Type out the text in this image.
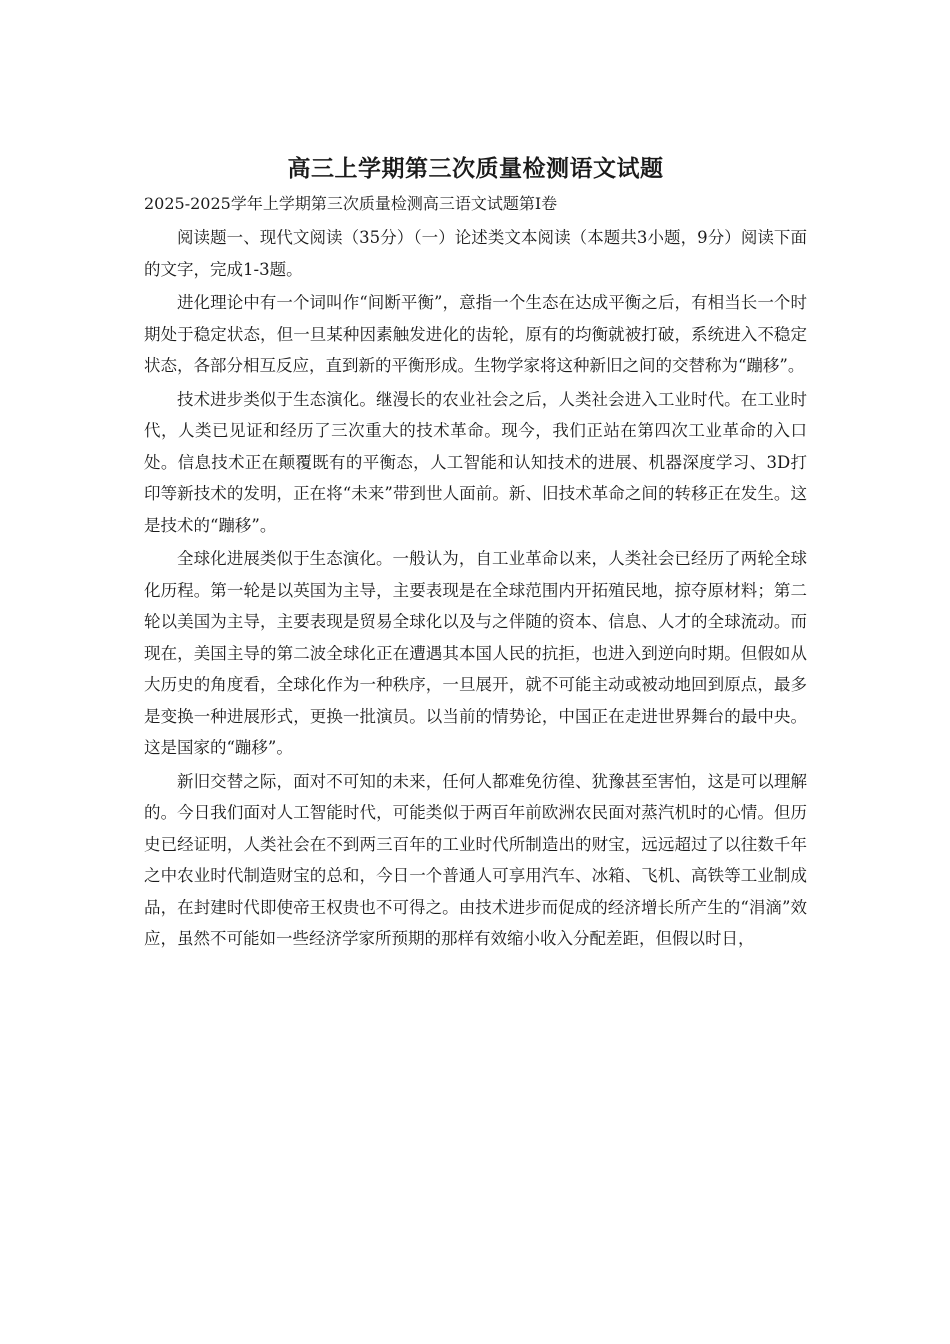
高三上学期第三次质量检测语文试题
2025-2025学年上学期第三次质量检测高三语文试题第Ⅰ卷

阅读题一、现代文阅读（35分）（一）论述类文本阅读（本题共3小题，9分）阅读下面的文字，完成1-3题。

进化理论中有一个词叫作“间断平衡”，意指一个生态在达成平衡之后，有相当长一个时期处于稳定状态，但一旦某种因素触发进化的齿轮，原有的均衡就被打破，系统进入不稳定状态，各部分相互反应，直到新的平衡形成。生物学家将这种新旧之间的交替称为“蹦移”。

技术进步类似于生态演化。继漫长的农业社会之后，人类社会进入工业时代。在工业时代，人类已见证和经历了三次重大的技术革命。现今，我们正站在第四次工业革命的入口处。信息技术正在颠覆既有的平衡态，人工智能和认知技术的进展、机器深度学习、3D打印等新技术的发明，正在将“未来”带到世人面前。新、旧技术革命之间的转移正在发生。这是技术的“蹦移”。

全球化进展类似于生态演化。一般认为，自工业革命以来，人类社会已经历了两轮全球化历程。第一轮是以英国为主导，主要表现是在全球范围内开拓殖民地，掠夺原材料；第二轮以美国为主导，主要表现是贸易全球化以及与之伴随的资本、信息、人才的全球流动。而现在，美国主导的第二波全球化正在遭遇其本国人民的抗拒，也进入到逆向时期。但假如从大历史的角度看，全球化作为一种秩序，一旦展开，就不可能主动或被动地回到原点，最多是变换一种进展形式，更换一批演员。以当前的情势论，中国正在走进世界舞台的最中央。这是国家的“蹦移”。

新旧交替之际，面对不可知的未来，任何人都难免彷徨、犹豫甚至害怕，这是可以理解的。今日我们面对人工智能时代，可能类似于两百年前欧洲农民面对蒸汽机时的心情。但历史已经证明，人类社会在不到两三百年的工业时代所制造出的财宝，远远超过了以往数千年之中农业时代制造财宝的总和，今日一个普通人可享用汽车、冰箱、飞机、高铁等工业制成品，在封建时代即使帝王权贵也不可得之。由技术进步而促成的经济增长所产生的“涓滴”效应，虽然不可能如一些经济学家所预期的那样有效缩小收入分配差距，但假以时日，
